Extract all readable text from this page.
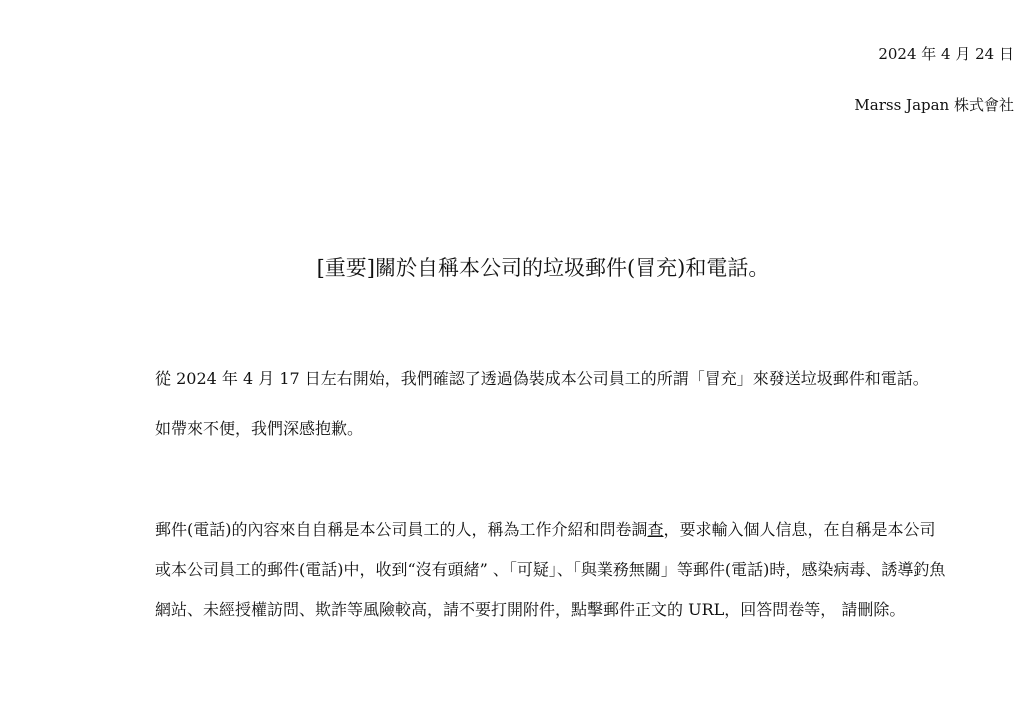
2024 年 4 月 24 日
Marss Japan 株式會社
[重要]關於自稱本公司的垃圾郵件(冒充)和電話。
從 2024 年 4 月 17 日左右開始，我們確認了透過偽裝成本公司員工的所謂「冒充」來發送垃圾郵件和電話。
如帶來不便，我們深感抱歉。
郵件(電話)的內容來自自稱是本公司員工的人，稱為工作介紹和問卷調查，要求輸入個人信息，在自稱是本公司
或本公司員工的郵件(電話)中，收到“沒有頭緒” 、「可疑」、「與業務無關」等郵件(電話)時，感染病毒、誘導釣魚
網站、未經授權訪問、欺詐等風險較高，請不要打開附件，點擊郵件正文的 URL，回答問卷等， 請刪除。
